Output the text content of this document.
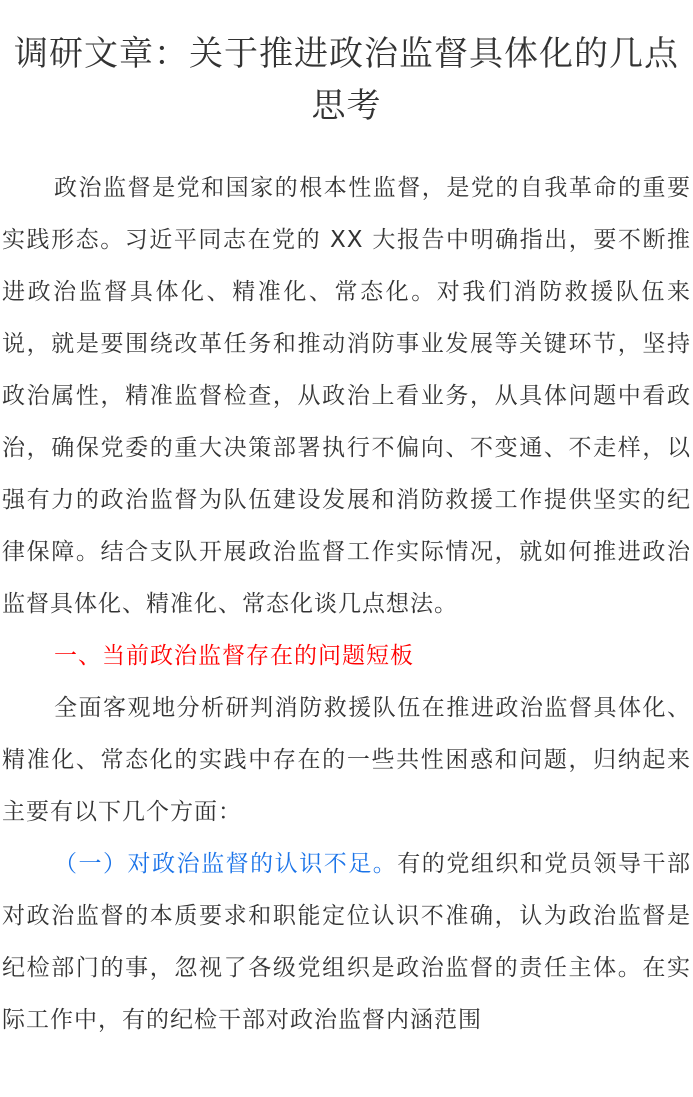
调研文章：关于推进政治监督具体化的几点
思考

政治监督是党和国家的根本性监督，是党的自我革命的重要实践形态。习近平同志在党的 XX 大报告中明确指出，要不断推进政治监督具体化、精准化、常态化。对我们消防救援队伍来说，就是要围绕改革任务和推动消防事业发展等关键环节，坚持政治属性，精准监督检查，从政治上看业务，从具体问题中看政治，确保党委的重大决策部署执行不偏向、不变通、不走样，以强有力的政治监督为队伍建设发展和消防救援工作提供坚实的纪律保障。结合支队开展政治监督工作实际情况，就如何推进政治监督具体化、精准化、常态化谈几点想法。

一、当前政治监督存在的问题短板

全面客观地分析研判消防救援队伍在推进政治监督具体化、精准化、常态化的实践中存在的一些共性困惑和问题，归纳起来主要有以下几个方面：

（一）对政治监督的认识不足。有的党组织和党员领导干部对政治监督的本质要求和职能定位认识不准确，认为政治监督是纪检部门的事，忽视了各级党组织是政治监督的责任主体。在实际工作中，有的纪检干部对政治监督内涵范围
